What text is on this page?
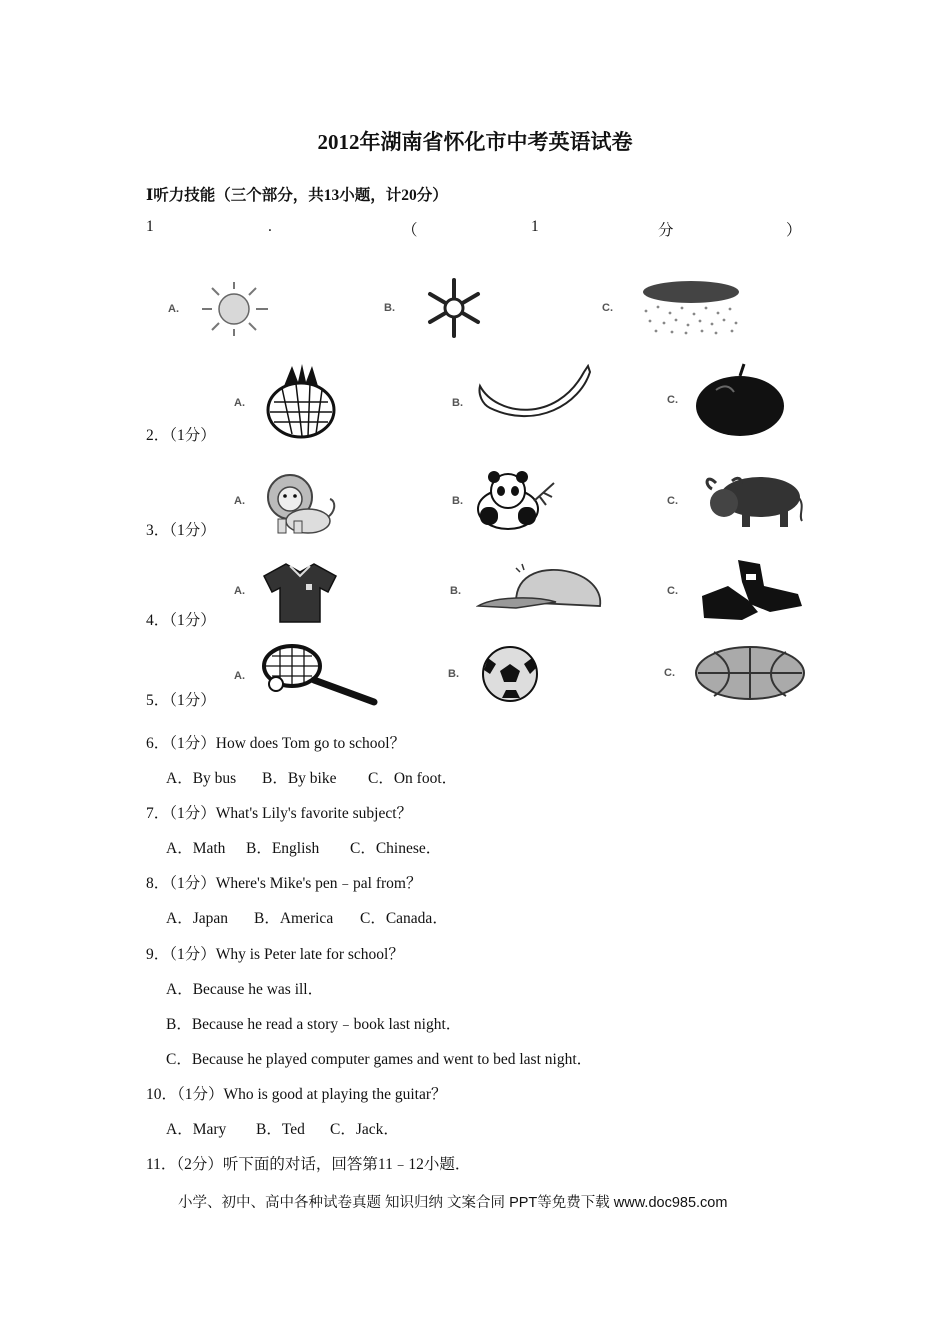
2012年湖南省怀化市中考英语试卷
Ⅰ听力技能（三个部分，共13小题，计20分）
1	.	（	1	分	）
A.	B.	C.
2．（1分）
A.	B.	C.
3．（1分）
A.	B.	C.
4．（1分）
A.	B.	C.
5．（1分）
A.	B.	C.
6．（1分）How does Tom go to school？
A．By bus B．By bike C．On foot．
7．（1分）What's Lily's favorite subject？
A．Math B．English C．Chinese．
8．（1分）Where's Mike's pen﹣pal from？
A．Japan B．America C．Canada．
9．（1分）Why is Peter late for school？
A．Because he was ill．
B．Because he read a story﹣book last night．
C．Because he played computer games and went to bed last night．
10．（1分）Who is good at playing the guitar？
A．Mary B．Ted C．Jack．
11．（2分）听下面的对话，回答第11﹣12小题．
小学、初中、高中各种试卷真题 知识归纳 文案合同 PPT等免费下载 www.doc985.com
